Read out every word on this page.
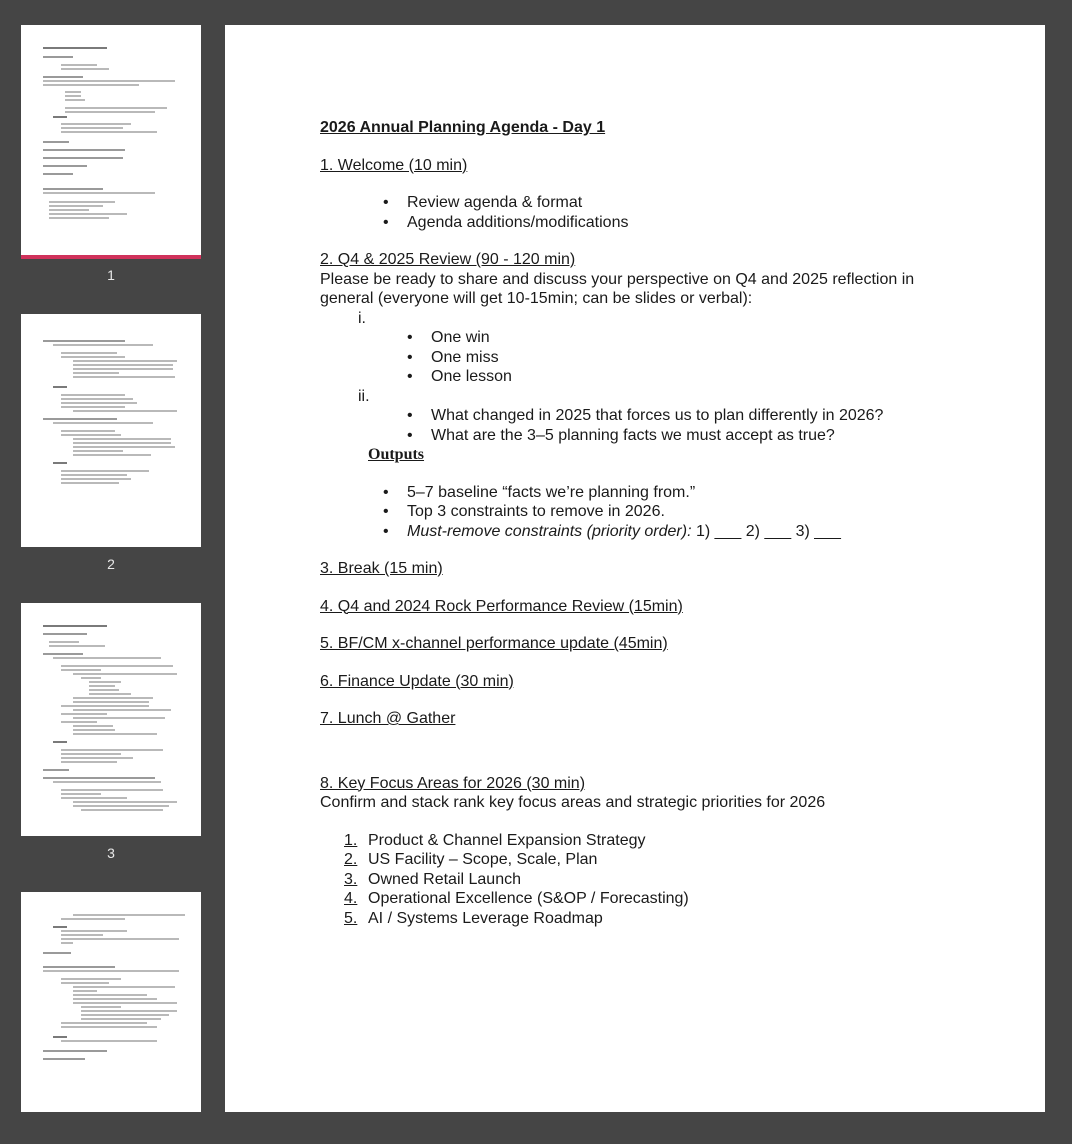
1
2
3
2026 Annual Planning Agenda - Day 1
1. Welcome (10 min)
• Review agenda & format
• Agenda additions/modifications
2. Q4 & 2025 Review (90 - 120 min)
Please be ready to share and discuss your perspective on Q4 and 2025 reflection in
general (everyone will get 10-15min; can be slides or verbal):
i.
• One win
• One miss
• One lesson
ii.
• What changed in 2025 that forces us to plan differently in 2026?
• What are the 3–5 planning facts we must accept as true?
Outputs
• 5–7 baseline “facts we’re planning from.”
• Top 3 constraints to remove in 2026.
• Must-remove constraints (priority order): 1) ___ 2) ___ 3) ___
3. Break (15 min)
4. Q4 and 2024 Rock Performance Review (15min)
5. BF/CM x-channel performance update (45min)
6. Finance Update (30 min)
7. Lunch @ Gather
8. Key Focus Areas for 2026 (30 min)
Confirm and stack rank key focus areas and strategic priorities for 2026
1. Product & Channel Expansion Strategy
2. US Facility – Scope, Scale, Plan
3. Owned Retail Launch
4. Operational Excellence (S&OP / Forecasting)
5. AI / Systems Leverage Roadmap
